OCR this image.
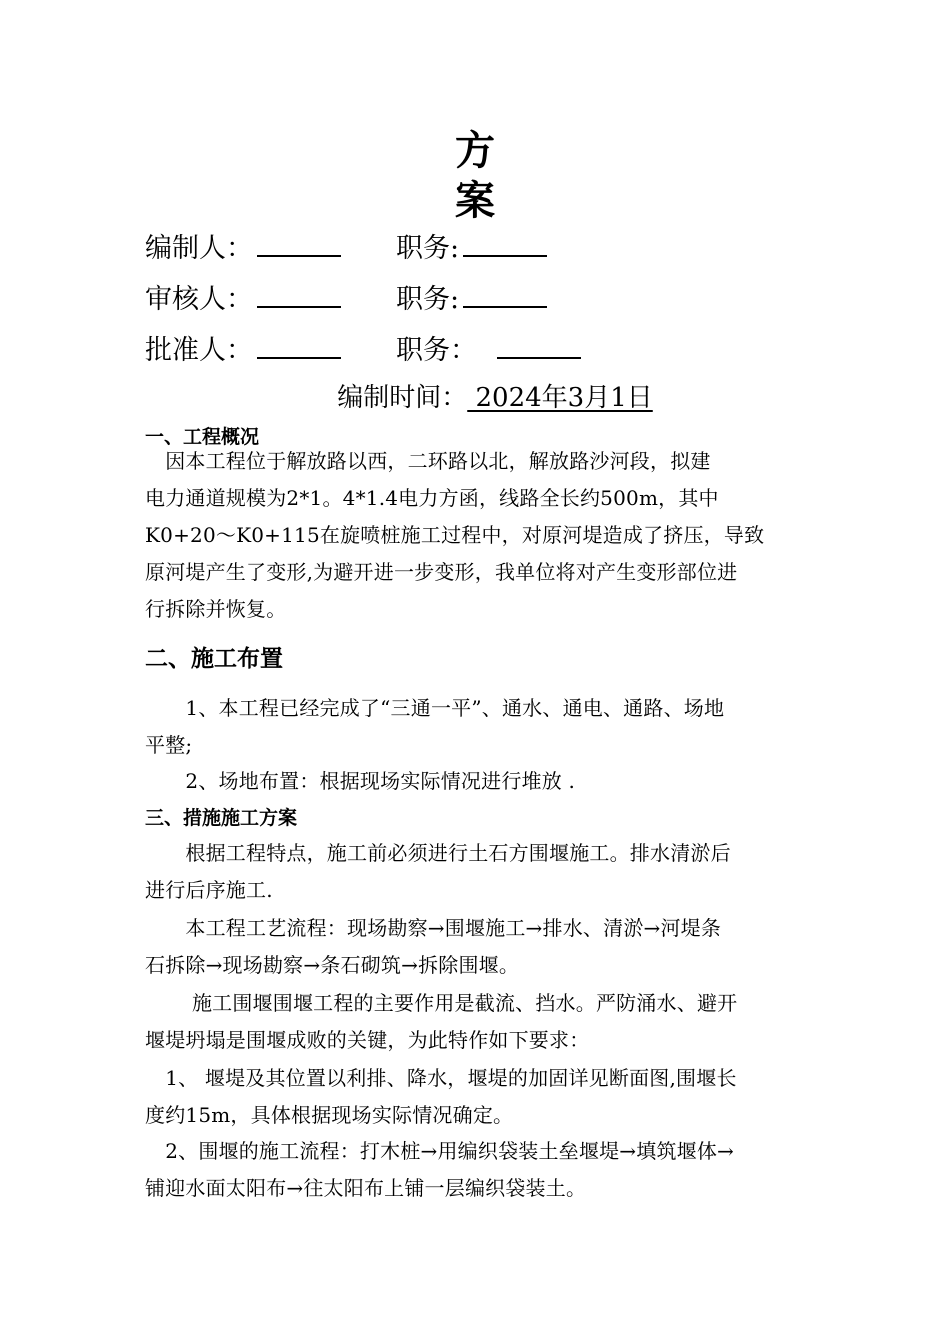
方
案
编制人：	职务:
审核人：	职务:
批准人：	职务：
编制时间： 2024年3月1日
一、工程概况
　因本工程位于解放路以西，二环路以北，解放路沙河段，拟建
电力通道规模为2*1。4*1.4电力方函，线路全长约500m，其中
K0+20～K0+115在旋喷桩施工过程中，对原河堤造成了挤压，导致
原河堤产生了变形,为避开进一步变形，我单位将对产生变形部位进
行拆除并恢复。
二、施工布置
　　1、本工程已经完成了“三通一平”、通水、通电、通路、场地
平整;
　　2、场地布置：根据现场实际情况进行堆放 .
三、措施施工方案
　　根据工程特点，施工前必须进行土石方围堰施工。排水清淤后
进行后序施工.
　　本工程工艺流程：现场勘察→围堰施工→排水、清淤→河堤条
石拆除→现场勘察→条石砌筑→拆除围堰。
　　 施工围堰围堰工程的主要作用是截流、挡水。严防涌水、避开
堰堤坍塌是围堰成败的关键，为此特作如下要求：
　1、 堰堤及其位置以利排、降水，堰堤的加固详见断面图,围堰长
度约15m，具体根据现场实际情况确定。
　2、围堰的施工流程：打木桩→用编织袋装土垒堰堤→填筑堰体→
铺迎水面太阳布→往太阳布上铺一层编织袋装土。
